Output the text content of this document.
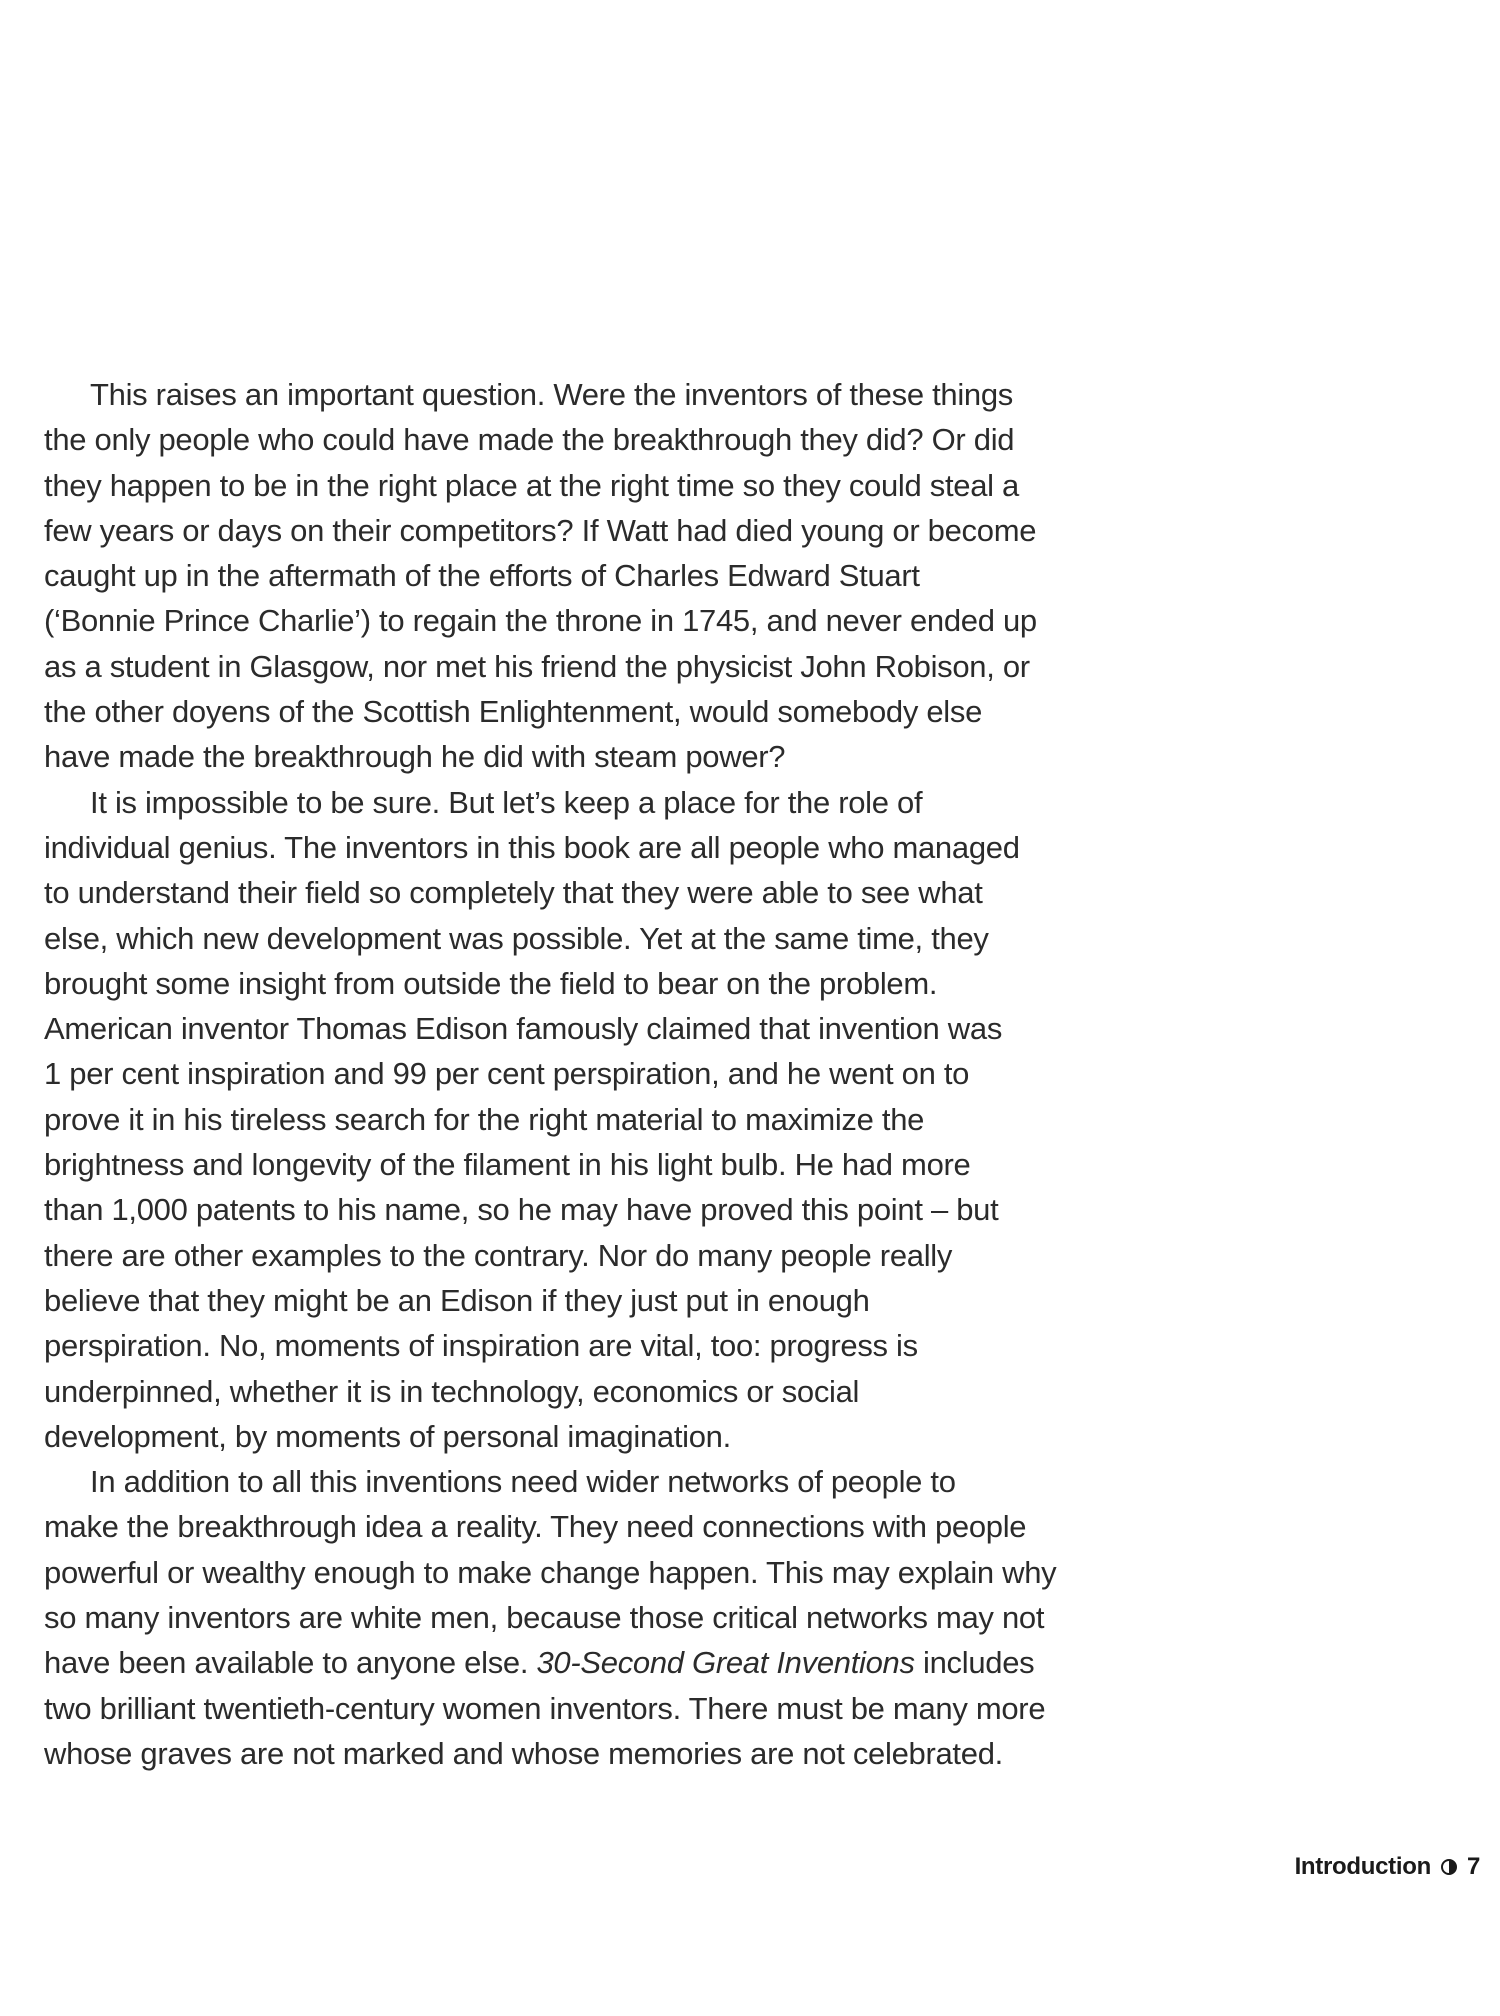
This raises an important question. Were the inventors of these things
the only people who could have made the breakthrough they did? Or did
they happen to be in the right place at the right time so they could steal a
few years or days on their competitors? If Watt had died young or become
caught up in the aftermath of the efforts of Charles Edward Stuart
(‘Bonnie Prince Charlie’) to regain the throne in 1745, and never ended up
as a student in Glasgow, nor met his friend the physicist John Robison, or
the other doyens of the Scottish Enlightenment, would somebody else
have made the breakthrough he did with steam power?

It is impossible to be sure. But let’s keep a place for the role of
individual genius. The inventors in this book are all people who managed
to understand their field so completely that they were able to see what
else, which new development was possible. Yet at the same time, they
brought some insight from outside the field to bear on the problem.
American inventor Thomas Edison famously claimed that invention was
1 per cent inspiration and 99 per cent perspiration, and he went on to
prove it in his tireless search for the right material to maximize the
brightness and longevity of the filament in his light bulb. He had more
than 1,000 patents to his name, so he may have proved this point – but
there are other examples to the contrary. Nor do many people really
believe that they might be an Edison if they just put in enough
perspiration. No, moments of inspiration are vital, too: progress is
underpinned, whether it is in technology, economics or social
development, by moments of personal imagination.

In addition to all this inventions need wider networks of people to
make the breakthrough idea a reality. They need connections with people
powerful or wealthy enough to make change happen. This may explain why
so many inventors are white men, because those critical networks may not
have been available to anyone else. 30-Second Great Inventions includes
two brilliant twentieth-century women inventors. There must be many more
whose graves are not marked and whose memories are not celebrated.

Introduction 7
